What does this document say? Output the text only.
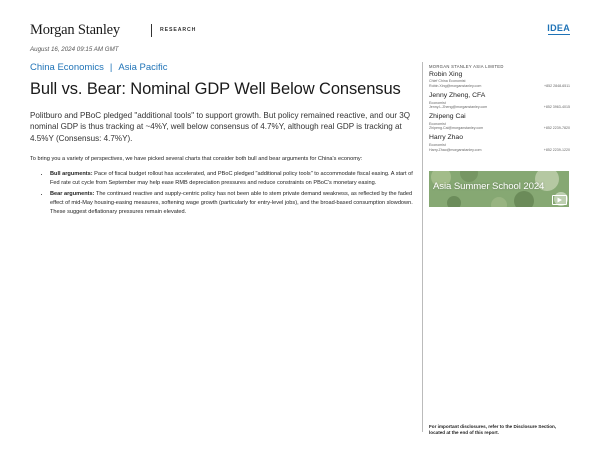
Morgan Stanley	RESEARCH	IDEA
August 16, 2024 09:15 AM GMT
China Economics | Asia Pacific
Bull vs. Bear: Nominal GDP Well Below Consensus

Politburo and PBoC pledged "additional tools" to support growth. But policy remained reactive, and our 3Q nominal GDP is thus tracking at ~4%Y, well below consensus of 4.7%Y, although real GDP is tracking at 4.5%Y (Consensus: 4.7%Y).

To bring you a variety of perspectives, we have picked several charts that consider both bull and bear arguments for China's economy:

• Bull arguments: Pace of fiscal budget rollout has accelerated, and PBoC pledged "additional policy tools" to accommodate fiscal easing. A start of Fed rate cut cycle from September may help ease RMB depreciation pressures and reduce constraints on PBoC's monetary easing.
• Bear arguments: The continued reactive and supply-centric policy has not been able to stem private demand weakness, as reflected by the faded effect of mid-May housing-easing measures, softening wage growth (particularly for entry-level jobs), and the broad-based consumption slowdown. These suggest deflationary pressures remain elevated.
MORGAN STANLEY ASIA LIMITED
Robin Xing
Chief China Economist
Robin.Xing@morganstanley.com	+852 2848-6511
Jenny Zheng, CFA
Economist
Jenny.L.Zheng@morganstanley.com	+852 3963-4015
Zhipeng Cai
Economist
Zhipeng.Cai@morganstanley.com	+852 2239-7820
Harry Zhao
Economist
Harry.Zhao@morganstanley.com	+852 2239-1220
Asia Summer School 2024
For important disclosures, refer to the Disclosure Section, located at the end of this report.
